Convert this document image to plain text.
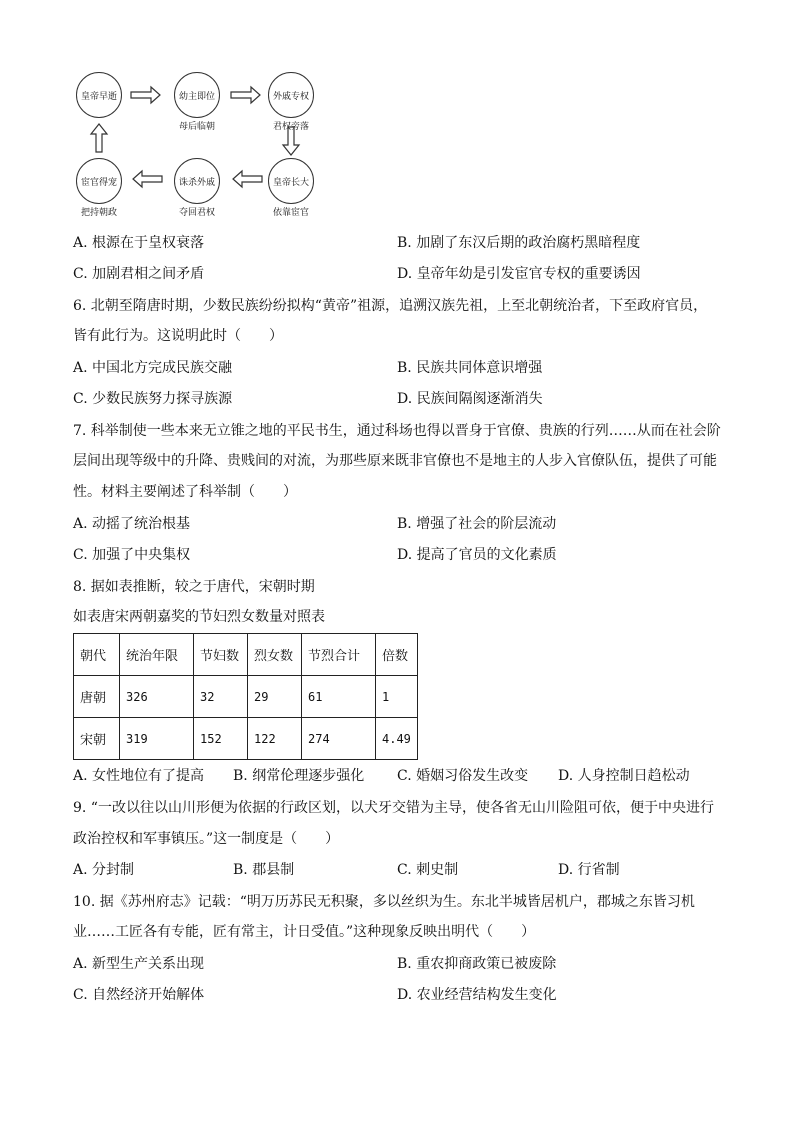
皇帝早逝	幼主即位
母后临朝
外戚专权
君权旁落
皇帝长大
依靠宦官
诛杀外戚
夺回君权
宦官得宠
把持朝政
A. 根源在于皇权衰落	B. 加剧了东汉后期的政治腐朽黑暗程度
C. 加剧君相之间矛盾	D. 皇帝年幼是引发宦官专权的重要诱因
6. 北朝至隋唐时期，少数民族纷纷拟构“黄帝”祖源，追溯汉族先祖，上至北朝统治者，下至政府官员，
皆有此行为。这说明此时（　　）
A. 中国北方完成民族交融	B. 民族共同体意识增强
C. 少数民族努力探寻族源	D. 民族间隔阂逐渐消失
7. 科举制使一些本来无立锥之地的平民书生，通过科场也得以晋身于官僚、贵族的行列……从而在社会阶
层间出现等级中的升降、贵贱间的对流，为那些原来既非官僚也不是地主的人步入官僚队伍，提供了可能
性。材料主要阐述了科举制（　　）
A. 动摇了统治根基	B. 增强了社会的阶层流动
C. 加强了中央集权	D. 提高了官员的文化素质
8. 据如表推断，较之于唐代，宋朝时期
如表唐宋两朝嘉奖的节妇烈女数量对照表
朝代	统治年限	节妇数	烈女数	节烈合计	倍数
唐朝	326	32	29	61	1
宋朝	319	152	122	274	4.49
A. 女性地位有了提高 B. 纲常伦理逐步强化 C. 婚姻习俗发生改变 D. 人身控制日趋松动
9. “一改以往以山川形便为依据的行政区划，以犬牙交错为主导，使各省无山川险阻可依，便于中央进行
政治控权和军事镇压。”这一制度是（　　）
A. 分封制	B. 郡县制	C. 刺史制	D. 行省制
10. 据《苏州府志》记载：“明万历苏民无积聚，多以丝织为生。东北半城皆居机户，郡城之东皆习机
业……工匠各有专能，匠有常主，计日受值。”这种现象反映出明代（　　）
A. 新型生产关系出现	B. 重农抑商政策已被废除
C. 自然经济开始解体	D. 农业经营结构发生变化
